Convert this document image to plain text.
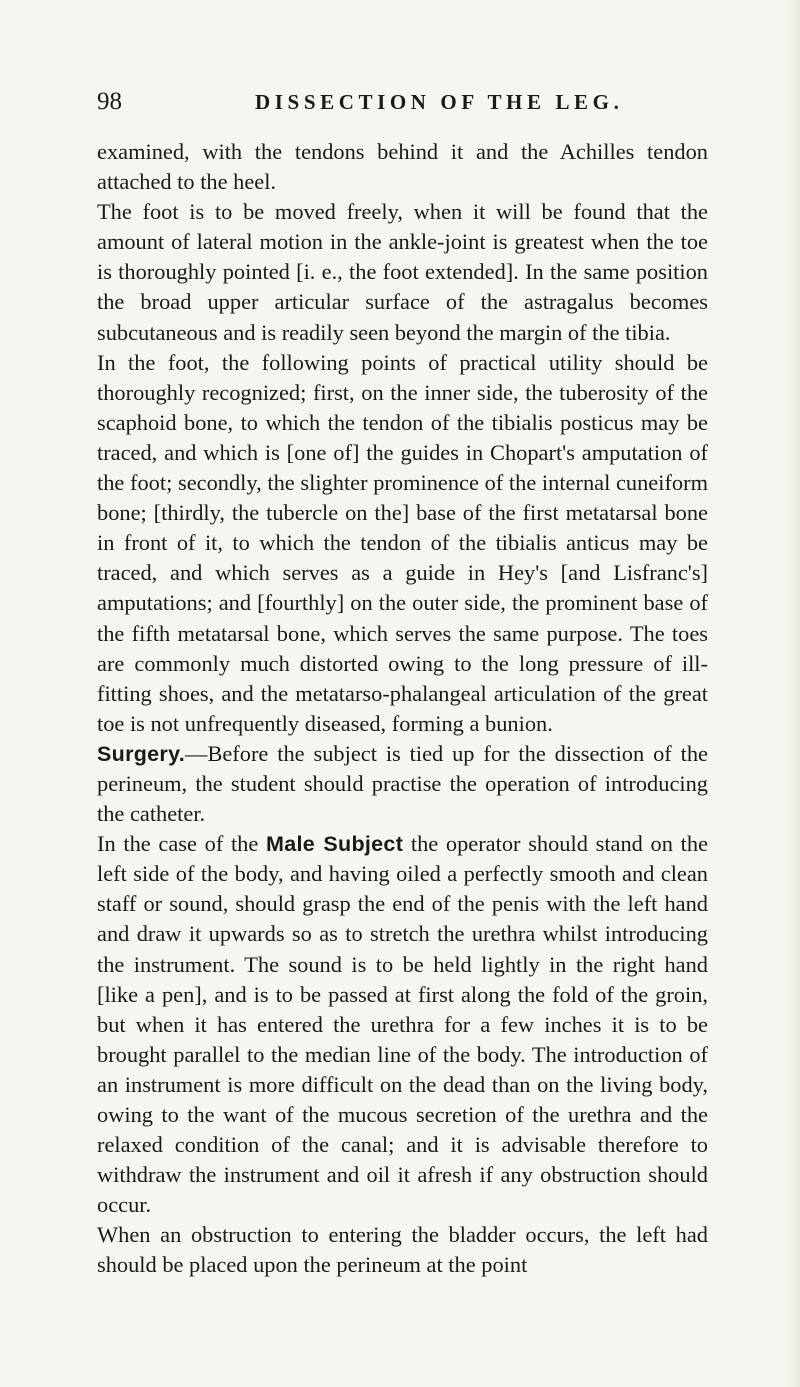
98	DISSECTION OF THE LEG.

examined, with the tendons behind it and the Achilles tendon attached to the heel.

The foot is to be moved freely, when it will be found that the amount of lateral motion in the ankle-joint is greatest when the toe is thoroughly pointed [i. e., the foot extended]. In the same position the broad upper articular surface of the astragalus becomes subcutaneous and is readily seen beyond the margin of the tibia.

In the foot, the following points of practical utility should be thoroughly recognized; first, on the inner side, the tuberosity of the scaphoid bone, to which the tendon of the tibialis posticus may be traced, and which is [one of] the guides in Chopart's amputation of the foot; secondly, the slighter prominence of the internal cuneiform bone; [thirdly, the tubercle on the] base of the first metatarsal bone in front of it, to which the tendon of the tibialis anticus may be traced, and which serves as a guide in Hey's [and Lisfranc's] amputations; and [fourthly] on the outer side, the prominent base of the fifth metatarsal bone, which serves the same purpose. The toes are commonly much distorted owing to the long pressure of ill-fitting shoes, and the metatarso-phalangeal articulation of the great toe is not unfrequently diseased, forming a bunion.

Surgery.—Before the subject is tied up for the dissection of the perineum, the student should practise the operation of introducing the catheter.

In the case of the Male Subject the operator should stand on the left side of the body, and having oiled a perfectly smooth and clean staff or sound, should grasp the end of the penis with the left hand and draw it upwards so as to stretch the urethra whilst introducing the instrument. The sound is to be held lightly in the right hand [like a pen], and is to be passed at first along the fold of the groin, but when it has entered the urethra for a few inches it is to be brought parallel to the median line of the body. The introduction of an instrument is more difficult on the dead than on the living body, owing to the want of the mucous secretion of the urethra and the relaxed condition of the canal; and it is advisable therefore to withdraw the instrument and oil it afresh if any obstruction should occur.

When an obstruction to entering the bladder occurs, the left had should be placed upon the perineum at the point
